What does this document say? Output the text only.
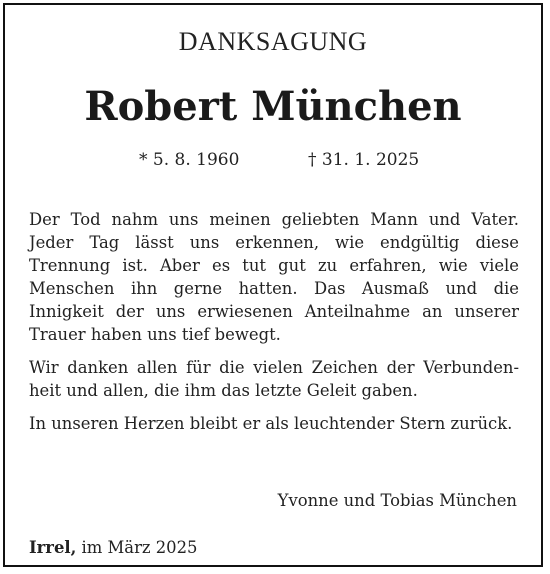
DANKSAGUNG
Robert München
* 5. 8. 1960	† 31. 1. 2025

Der Tod nahm uns meinen geliebten Mann und Vater. Jeder Tag lässt uns erkennen, wie endgültig diese Trennung ist. Aber es tut gut zu erfahren, wie viele Menschen ihn gerne hatten. Das Ausmaß und die Innigkeit der uns erwiesenen Anteilnahme an unserer Trauer haben uns tief bewegt.

Wir danken allen für die vielen Zeichen der Verbunden-heit und allen, die ihm das letzte Geleit gaben.

In unseren Herzen bleibt er als leuchtender Stern zurück.

Yvonne und Tobias München
Irrel, im März 2025
